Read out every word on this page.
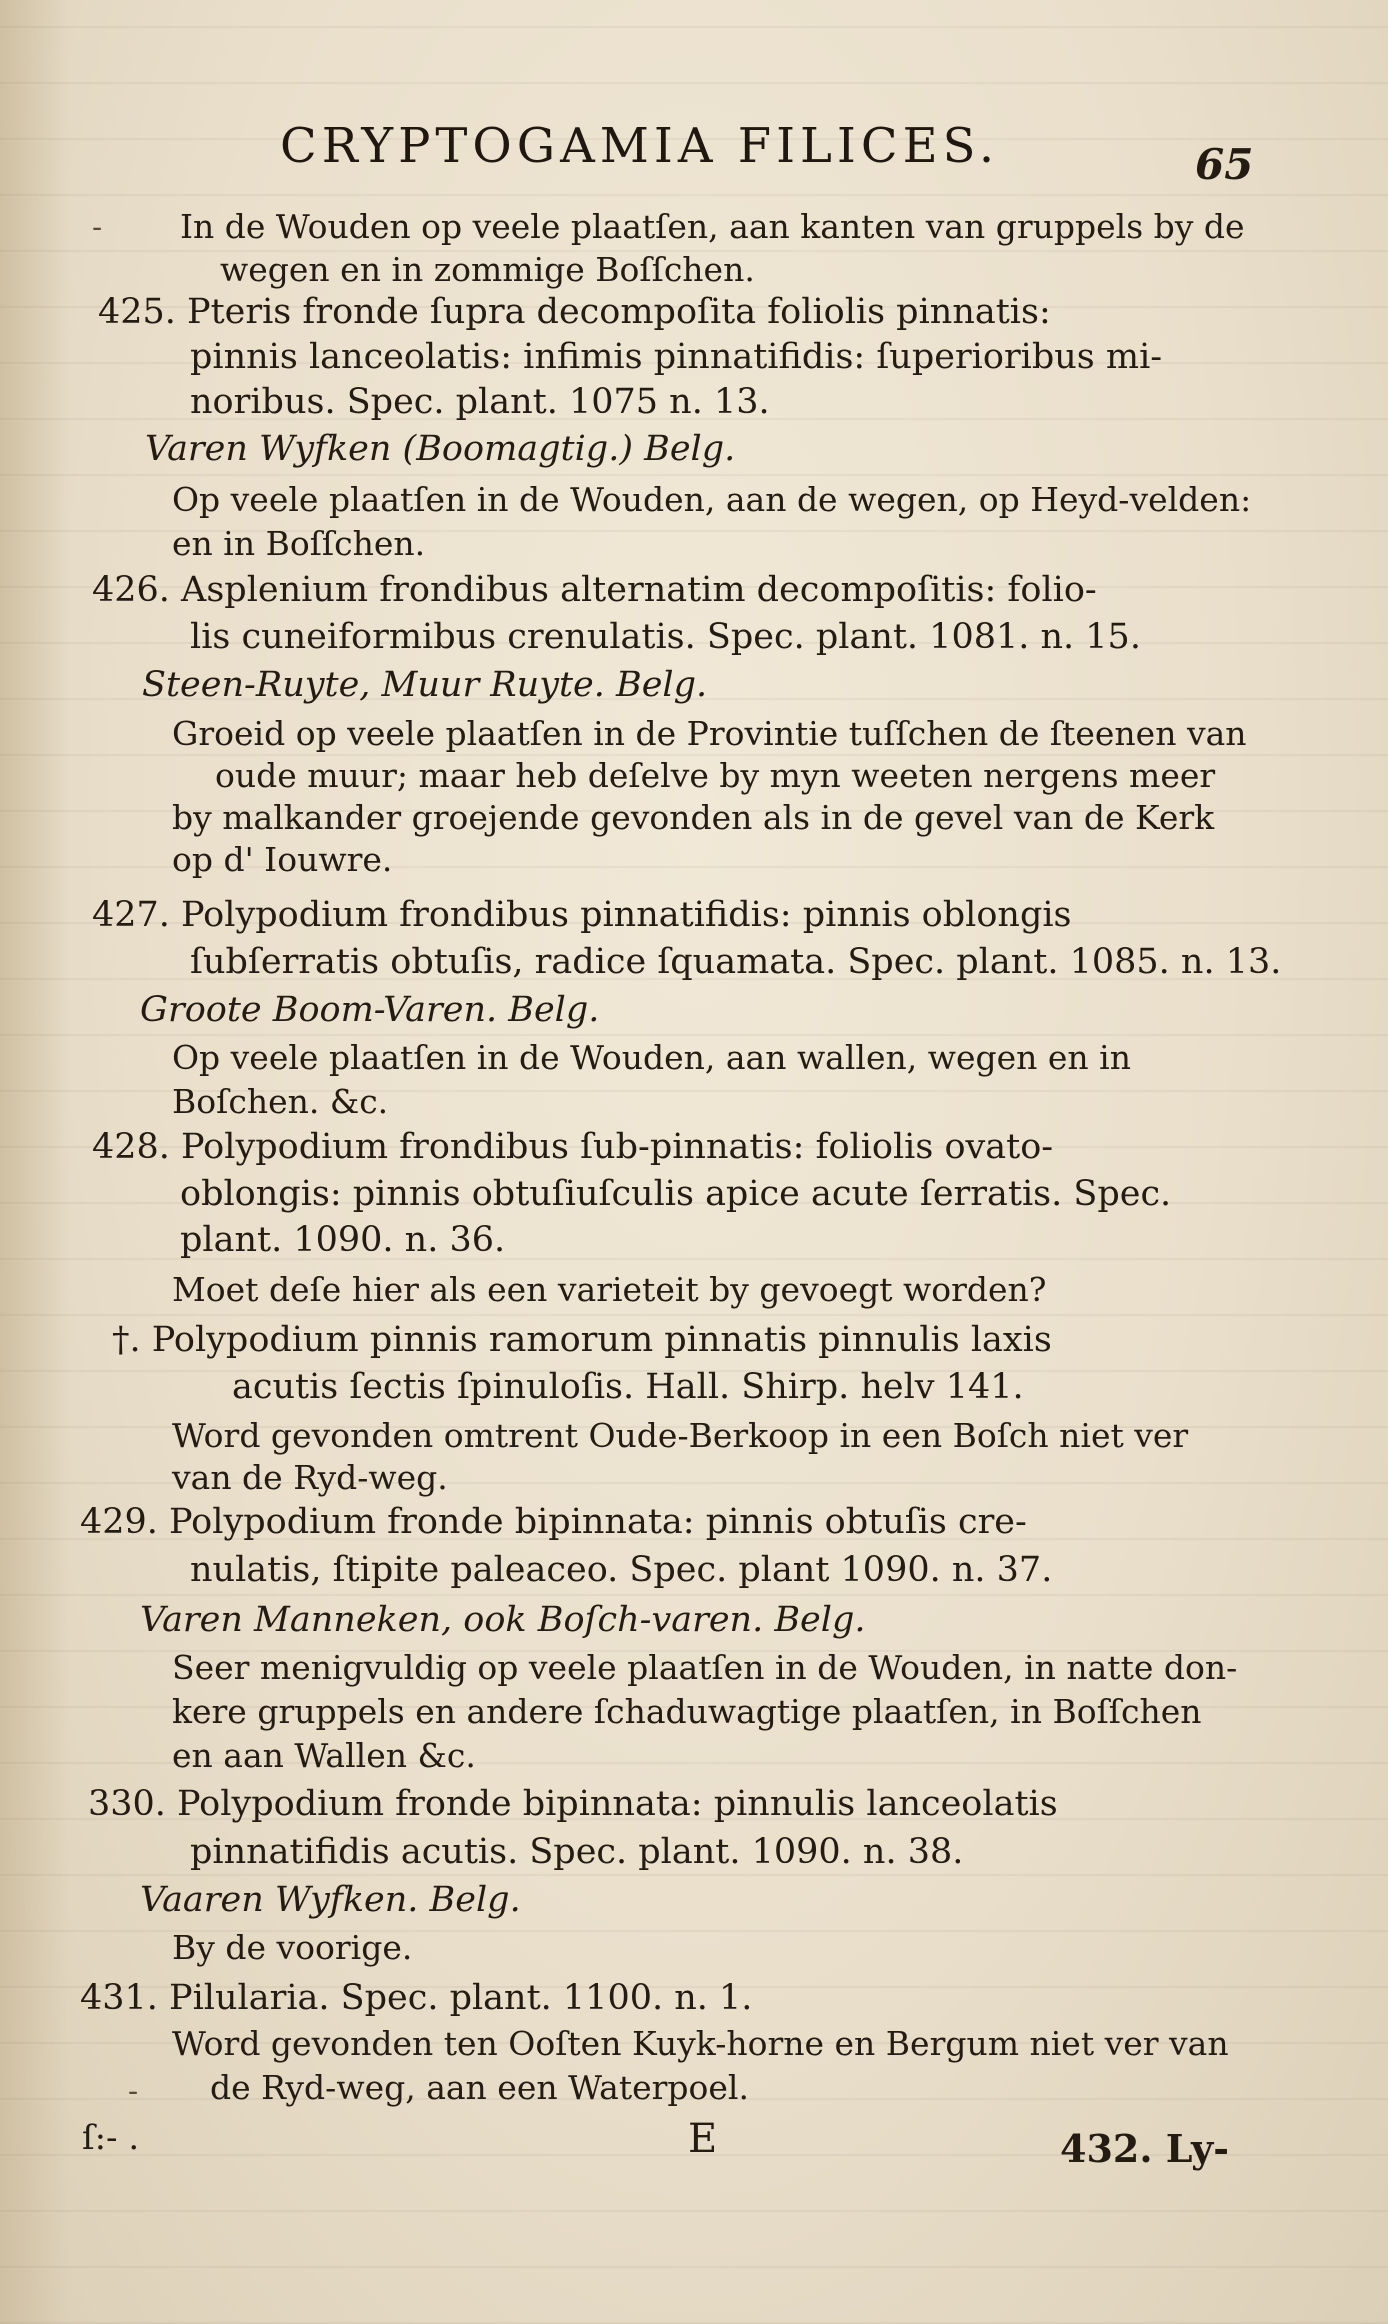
CRYPTOGAMIA FILICES.	65
- In de Wouden op veele plaatſen, aan kanten van gruppels by de
wegen en in zommige Boſſchen.
425. Pteris fronde ſupra decompoſita foliolis pinnatis:
pinnis lanceolatis: infimis pinnatifidis: ſuperioribus mi-
noribus. Spec. plant. 1075 n. 13.
Varen Wyfken (Boomagtig.) Belg.
Op veele plaatſen in de Wouden, aan de wegen, op Heyd-velden:
en in Boſſchen.
426. Asplenium frondibus alternatim decompoſitis: folio-
lis cuneiformibus crenulatis. Spec. plant. 1081. n. 15.
Steen-Ruyte, Muur Ruyte. Belg.
Groeid op veele plaatſen in de Provintie tuſſchen de ſteenen van
oude muur; maar heb deſelve by myn weeten nergens meer
by malkander groejende gevonden als in de gevel van de Kerk
op d' Iouwre.
427. Polypodium frondibus pinnatifidis: pinnis oblongis
ſubſerratis obtuſis, radice ſquamata. Spec. plant. 1085. n. 13.
Groote Boom-Varen. Belg.
Op veele plaatſen in de Wouden, aan wallen, wegen en in
Boſchen. &c.
428. Polypodium frondibus ſub-pinnatis: foliolis ovato-
oblongis: pinnis obtuſiuſculis apice acute ſerratis. Spec.
plant. 1090. n. 36.
Moet deſe hier als een varieteit by gevoegt worden?
†. Polypodium pinnis ramorum pinnatis pinnulis laxis
acutis ſectis ſpinuloſis. Hall. Shirp. helv 141.
Word gevonden omtrent Oude-Berkoop in een Boſch niet ver
van de Ryd-weg.
429. Polypodium fronde bipinnata: pinnis obtuſis cre-
nulatis, ſtipite paleaceo. Spec. plant 1090. n. 37.
Varen Manneken, ook Boſch-varen. Belg.
Seer menigvuldig op veele plaatſen in de Wouden, in natte don-
kere gruppels en andere ſchaduwagtige plaatſen, in Boſſchen
en aan Wallen &c.
330. Polypodium fronde bipinnata: pinnulis lanceolatis
pinnatifidis acutis. Spec. plant. 1090. n. 38.
Vaaren Wyfken. Belg.
By de voorige.
431. Pilularia. Spec. plant. 1100. n. 1.
Word gevonden ten Ooſten Kuyk-horne en Bergum niet ver van
de Ryd-weg, aan een Waterpoel.
-
ſ:- .	E	432. Ly-
